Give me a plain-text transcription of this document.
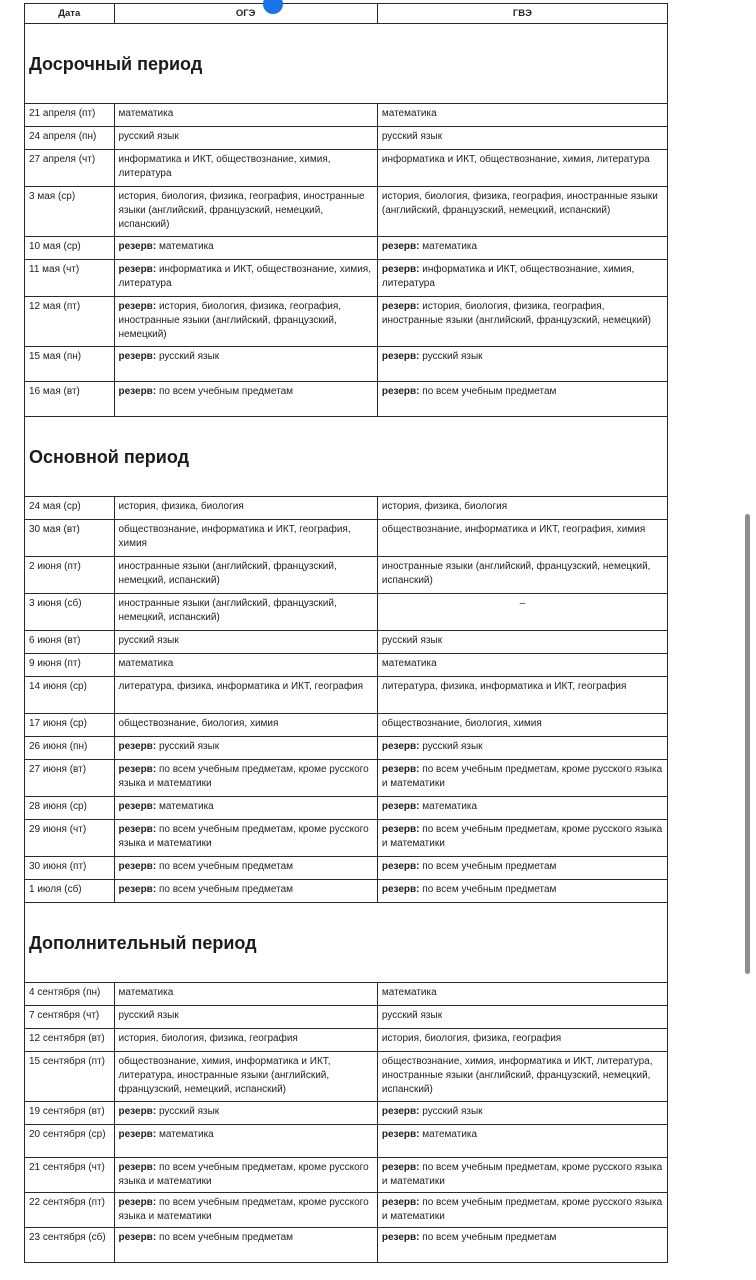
Дата	ОГЭ	ГВЭ
Досрочный период		
21 апреля (пт)	математика	математика
24 апреля (пн)	русский язык	русский язык
27 апреля (чт)	информатика и ИКТ, обществознание, химия, литература	информатика и ИКТ, обществознание, химия, литература
3 мая (ср)	история, биология, физика, география, иностранные языки (английский, французский, немецкий, испанский)	история, биология, физика, география, иностранные языки (английский, французский, немецкий, испанский)
10 мая (ср)	резерв: математика	резерв: математика
11 мая (чт)	резерв: информатика и ИКТ, обществознание, химия, литература	резерв: информатика и ИКТ, обществознание, химия, литература
12 мая (пт)	резерв: история, биология, физика, география, иностранные языки (английский, французский, немецкий)	резерв: история, биология, физика, география, иностранные языки (английский, французский, немецкий)
15 мая (пн)	резерв: русский язык	резерв: русский язык
16 мая (вт)	резерв: по всем учебным предметам	резерв: по всем учебным предметам
Основной период		
24 мая (ср)	история, физика, биология	история, физика, биология
30 мая (вт)	обществознание, информатика и ИКТ, география, химия	обществознание, информатика и ИКТ, география, химия
2 июня (пт)	иностранные языки (английский, французский, немецкий, испанский)	иностранные языки (английский, французский, немецкий, испанский)
3 июня (сб)	иностранные языки (английский, французский, немецкий, испанский)	–
6 июня (вт)	русский язык	русский язык
9 июня (пт)	математика	математика
14 июня (ср)	литература, физика, информатика и ИКТ, география	литература, физика, информатика и ИКТ, география
17 июня (ср)	обществознание, биология, химия	обществознание, биология, химия
26 июня (пн)	резерв: русский язык	резерв: русский язык
27 июня (вт)	резерв: по всем учебным предметам, кроме русского языка и математики	резерв: по всем учебным предметам, кроме русского языка и математики
28 июня (ср)	резерв: математика	резерв: математика
29 июня (чт)	резерв: по всем учебным предметам, кроме русского языка и математики	резерв: по всем учебным предметам, кроме русского языка и математики
30 июня (пт)	резерв: по всем учебным предметам	резерв: по всем учебным предметам
1 июля (сб)	резерв: по всем учебным предметам	резерв: по всем учебным предметам
Дополнительный период		
4 сентября (пн)	математика	математика
7 сентября (чт)	русский язык	русский язык
12 сентября (вт)	история, биология, физика, география	история, биология, физика, география
15 сентября (пт)	обществознание, химия, информатика и ИКТ, литература, иностранные языки (английский, французский, немецкий, испанский)	обществознание, химия, информатика и ИКТ, литература, иностранные языки (английский, французский, немецкий, испанский)
19 сентября (вт)	резерв: русский язык	резерв: русский язык
20 сентября (ср)	резерв: математика	резерв: математика
21 сентября (чт)	резерв: по всем учебным предметам, кроме русского языка и математики	резерв: по всем учебным предметам, кроме русского языка и математики
22 сентября (пт)	резерв: по всем учебным предметам, кроме русского языка и математики	резерв: по всем учебным предметам, кроме русского языка и математики
23 сентября (сб)	резерв: по всем учебным предметам	резерв: по всем учебным предметам
